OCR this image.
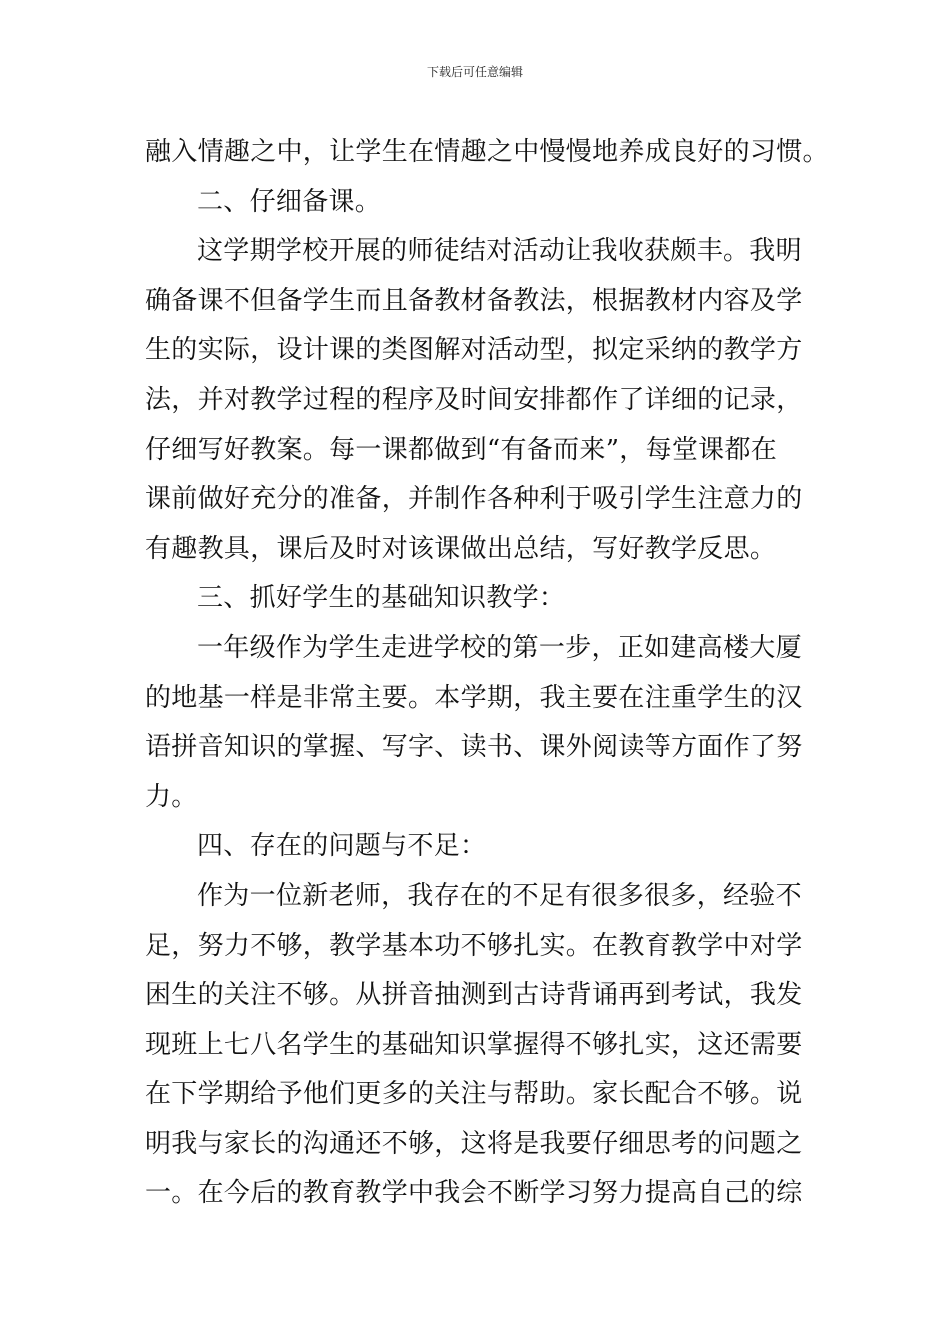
下载后可任意编辑
融入情趣之中，让学生在情趣之中慢慢地养成良好的习惯。
二、仔细备课。
这学期学校开展的师徒结对活动让我收获颇丰。我明
确备课不但备学生而且备教材备教法，根据教材内容及学
生的实际，设计课的类图解对活动型，拟定采纳的教学方
法，并对教学过程的程序及时间安排都作了详细的记录，
仔细写好教案。每一课都做到“有备而来”，每堂课都在
课前做好充分的准备，并制作各种利于吸引学生注意力的
有趣教具，课后及时对该课做出总结，写好教学反思。
三、抓好学生的基础知识教学：
一年级作为学生走进学校的第一步，正如建高楼大厦
的地基一样是非常主要。本学期，我主要在注重学生的汉
语拼音知识的掌握、写字、读书、课外阅读等方面作了努
力。
四、存在的问题与不足：
作为一位新老师，我存在的不足有很多很多，经验不
足，努力不够，教学基本功不够扎实。在教育教学中对学
困生的关注不够。从拼音抽测到古诗背诵再到考试，我发
现班上七八名学生的基础知识掌握得不够扎实，这还需要
在下学期给予他们更多的关注与帮助。家长配合不够。说
明我与家长的沟通还不够，这将是我要仔细思考的问题之
一。在今后的教育教学中我会不断学习努力提高自己的综
